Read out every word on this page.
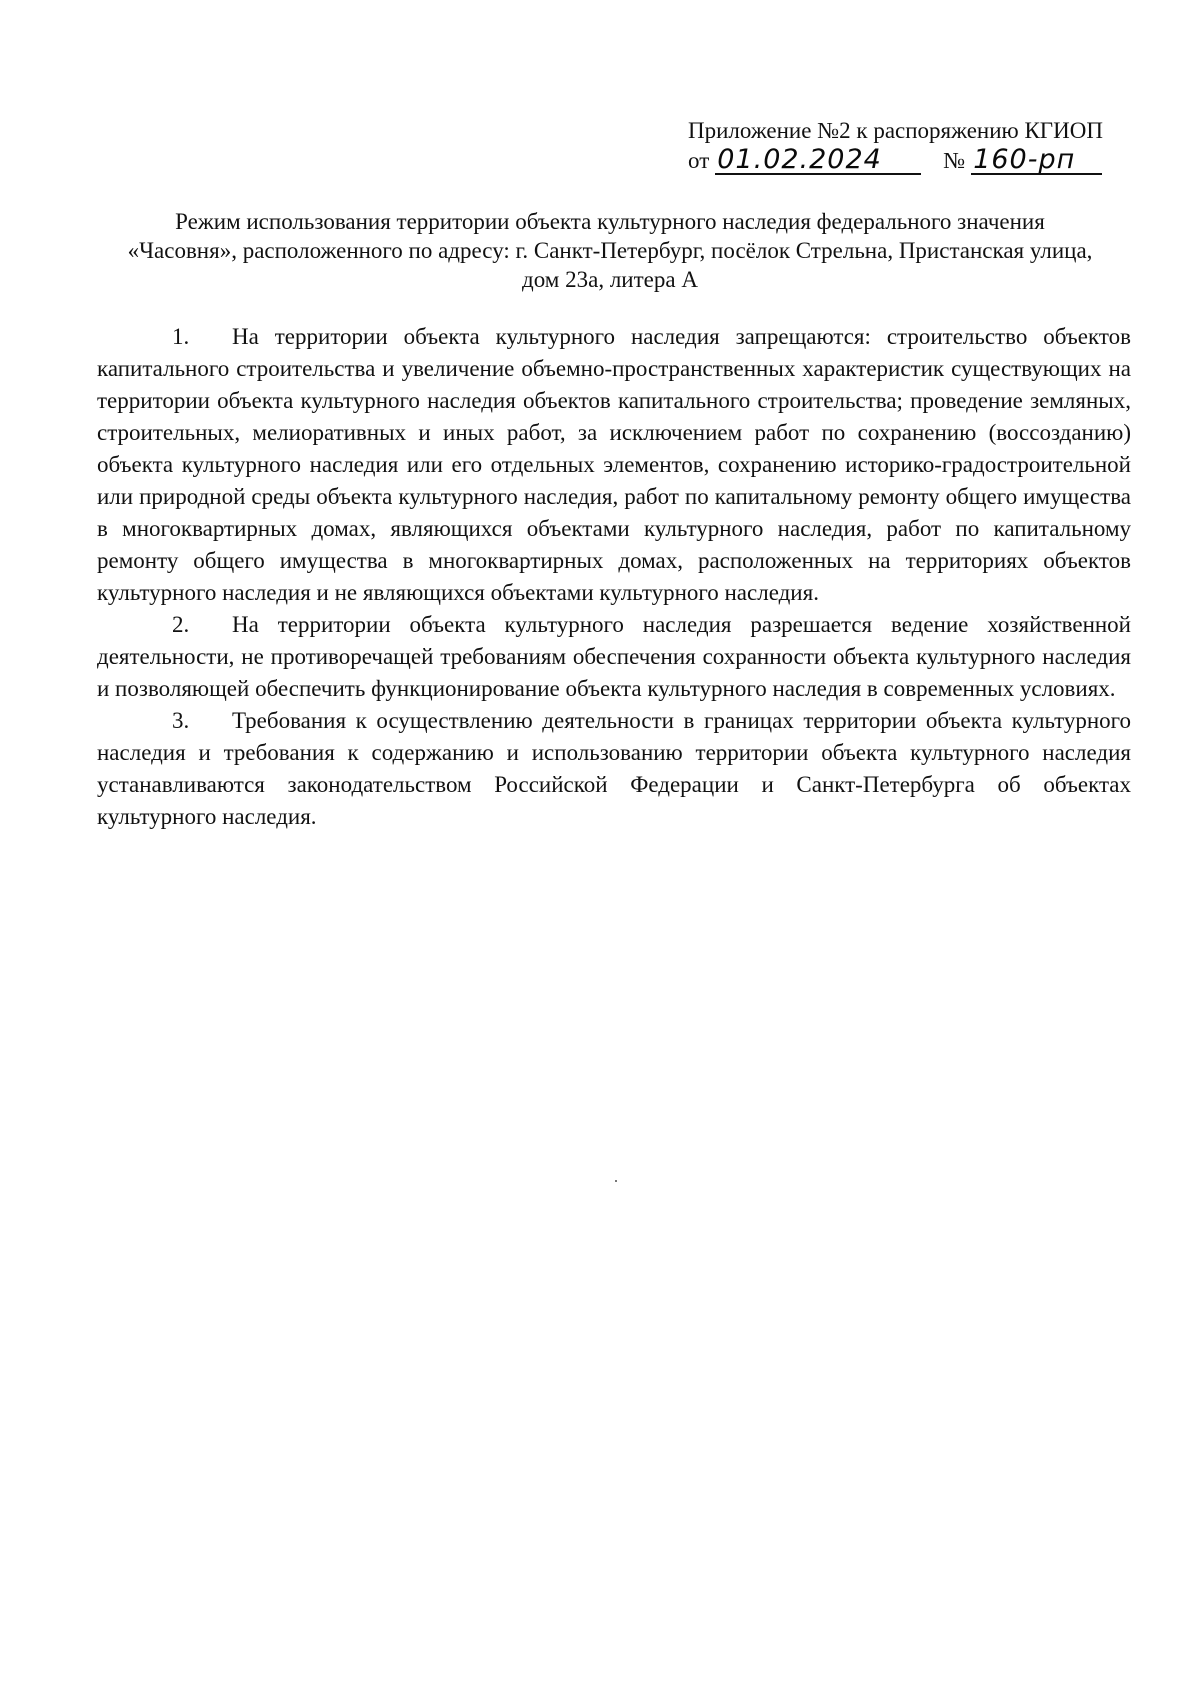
Приложение №2 к распоряжению КГИОП
от 01.02.2024	№ 160-рп
Режим использования территории объекта культурного наследия федерального значения
«Часовня», расположенного по адресу: г. Санкт-Петербург, посёлок Стрельна, Пристанская улица,
дом 23а, литера А

1. На территории объекта культурного наследия запрещаются: строительство объектов капитального строительства и увеличение объемно-пространственных характеристик существующих на территории объекта культурного наследия объектов капитального строительства; проведение земляных, строительных, мелиоративных и иных работ, за исключением работ по сохранению (воссозданию) объекта культурного наследия или его отдельных элементов, сохранению историко-градостроительной или природной среды объекта культурного наследия, работ по капитальному ремонту общего имущества в многоквартирных домах, являющихся объектами культурного наследия, работ по капитальному ремонту общего имущества в многоквартирных домах, расположенных на территориях объектов культурного наследия и не являющихся объектами культурного наследия.

2. На территории объекта культурного наследия разрешается ведение хозяйственной деятельности, не противоречащей требованиям обеспечения сохранности объекта культурного наследия и позволяющей обеспечить функционирование объекта культурного наследия в современных условиях.

3. Требования к осуществлению деятельности в границах территории объекта культурного наследия и требования к содержанию и использованию территории объекта культурного наследия устанавливаются законодательством Российской Федерации и Санкт-Петербурга об объектах культурного наследия.
